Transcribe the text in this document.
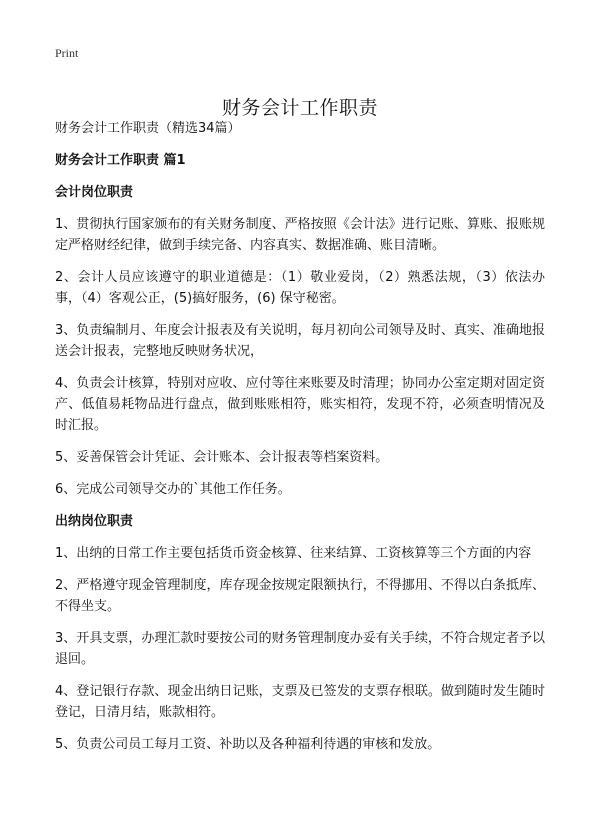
Print
财务会计工作职责

财务会计工作职责（精选34篇）

财务会计工作职责 篇1

会计岗位职责

1、贯彻执行国家颁布的有关财务制度、严格按照《会计法》进行记账、算账、报账规定严格财经纪律，做到手续完备、内容真实、数据准确、账目清晰。

2、会计人员应该遵守的职业道德是：（1）敬业爱岗，（2）熟悉法规，（3）依法办事，（4）客观公正，(5)搞好服务，(6) 保守秘密。

3、负责编制月、年度会计报表及有关说明，每月初向公司领导及时、真实、准确地报送会计报表，完整地反映财务状况，

4、负责会计核算，特别对应收、应付等往来账要及时清理；协同办公室定期对固定资产、低值易耗物品进行盘点，做到账账相符，账实相符，发现不符，必须查明情况及时汇报。

5、妥善保管会计凭证、会计账本、会计报表等档案资料。

6、完成公司领导交办的`其他工作任务。

出纳岗位职责

1、出纳的日常工作主要包括货币资金核算、往来结算、工资核算等三个方面的内容

2、严格遵守现金管理制度，库存现金按规定限额执行，不得挪用、不得以白条抵库、不得坐支。

3、开具支票，办理汇款时要按公司的财务管理制度办妥有关手续，不符合规定者予以退回。

4、登记银行存款、现金出纳日记账，支票及已签发的支票存根联。做到随时发生随时登记，日清月结，账款相符。

5、负责公司员工每月工资、补助以及各种福利待遇的审核和发放。
